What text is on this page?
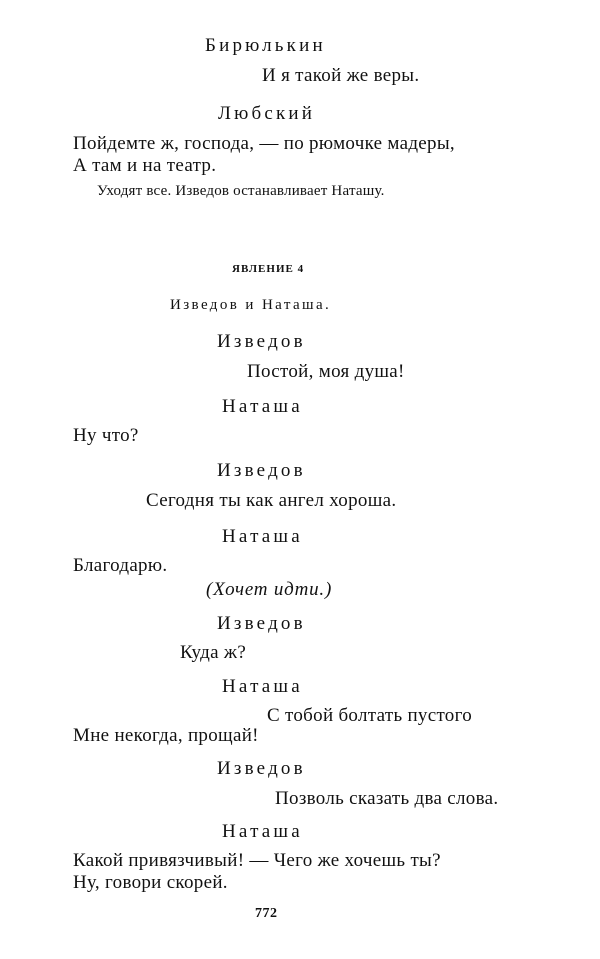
Бирюлькин
И я такой же веры.
Любский
Пойдемте ж, господа, — по рюмочке мадеры,
А там и на театр.
Уходят все. Изведов останавливает Наташу.
ЯВЛЕНИЕ 4
Изведов и Наташа.
Изведов
Постой, моя душа!
Наташа
Ну что?
Изведов
Сегодня ты как ангел хороша.
Наташа
Благодарю.
(Хочет идти.)
Изведов
Куда ж?
Наташа
С тобой болтать пустого
Мне некогда, прощай!
Изведов
Позволь сказать два слова.
Наташа
Какой привязчивый! — Чего же хочешь ты?
Ну, говори скорей.
772
